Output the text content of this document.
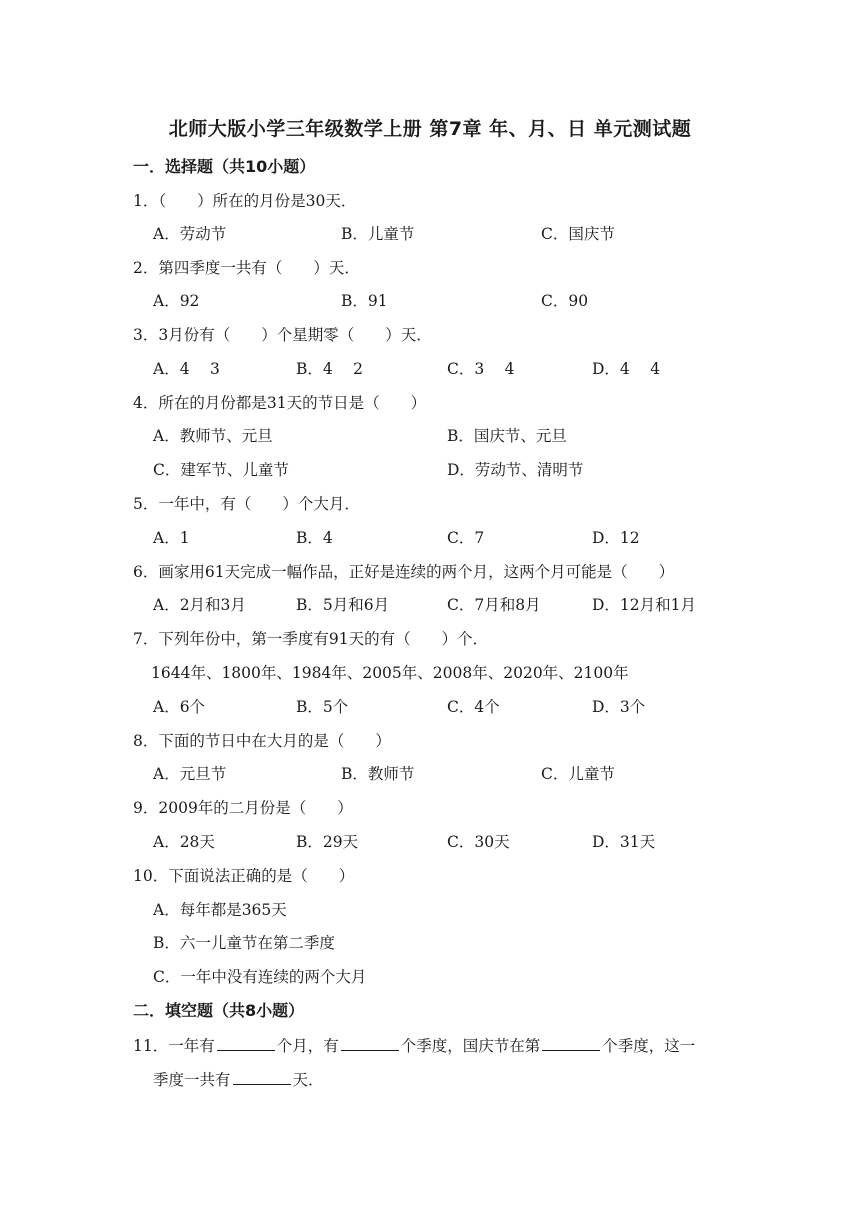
北师大版小学三年级数学上册 第7章 年、月、日 单元测试题
一．选择题（共10小题）
1．（　　）所在的月份是30天．
A．劳动节	B．儿童节	C．国庆节
2．第四季度一共有（　　）天．
A．92	B．91	C．90
3．3月份有（　　）个星期零（　　）天．
A．4　 3	B．4　 2	C．3　 4	D．4　 4
4．所在的月份都是31天的节日是（　　）
A．教师节、元旦	B．国庆节、元旦
C．建军节、儿童节	D．劳动节、清明节
5．一年中，有（　　）个大月．
A．1	B．4	C．7	D．12
6．画家用61天完成一幅作品，正好是连续的两个月，这两个月可能是（　　）
A．2月和3月	B．5月和6月	C．7月和8月	D．12月和1月
7．下列年份中，第一季度有91天的有（　　）个．
1644年、1800年、1984年、2005年、2008年、2020年、2100年
A．6个	B．5个	C．4个	D．3个
8．下面的节日中在大月的是（　　）
A．元旦节	B．教师节	C．儿童节
9．2009年的二月份是（　　）
A．28天	B．29天	C．30天	D．31天
10．下面说法正确的是（　　）
A．每年都是365天
B．六一儿童节在第二季度
C．一年中没有连续的两个大月
二．填空题（共8小题）
11．一年有	个月，有	个季度，国庆节在第	个季度，这一
季度一共有	天．
